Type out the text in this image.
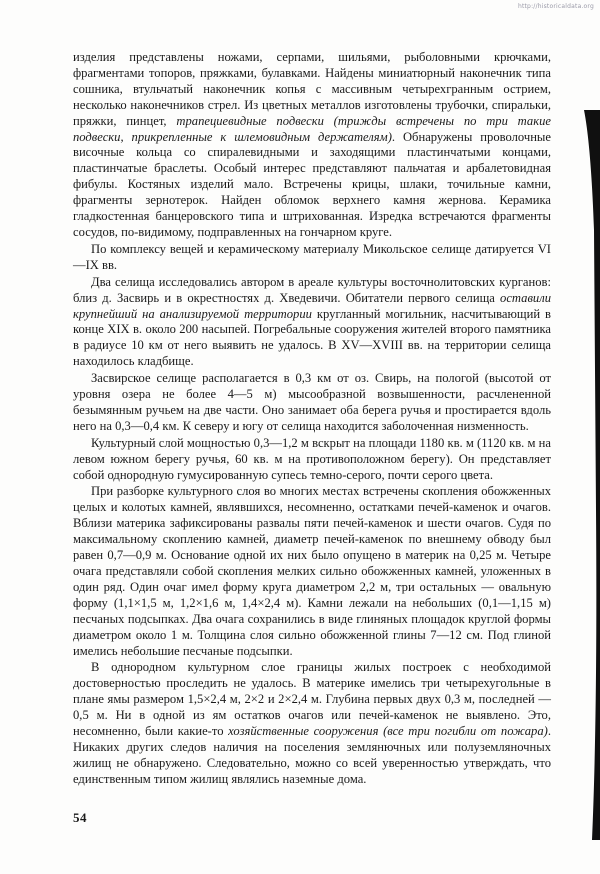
http://historicaldata.org

изделия представлены ножами, серпами, шильями, рыболовными крючками, фрагментами топоров, пряжками, булавками. Найдены миниатюрный наконечник типа сошника, втульчатый наконечник копья с массивным четырехгранным острием, несколько наконечников стрел. Из цветных металлов изготовлены трубочки, спиральки, пряжки, пинцет, трапециевидные подвески (трижды встречены по три такие подвески, прикрепленные к шлемовидным держателям). Обнаружены проволочные височные кольца со спиралевидными и заходящими пластинчатыми концами, пластинчатые браслеты. Особый интерес представляют пальчатая и арбалетовидная фибулы. Костяных изделий мало. Встречены крицы, шлаки, точильные камни, фрагменты зернотерок. Найден обломок верхнего камня жернова. Керамика гладкостенная банцеровского типа и штрихованная. Изредка встречаются фрагменты сосудов, по-видимому, подправленных на гончарном круге.

По комплексу вещей и керамическому материалу Микольское селище датируется VI—IX вв.

Два селища исследовались автором в ареале культуры восточнолитовских курганов: близ д. Засвирь и в окрестностях д. Хведевичи. Обитатели первого селища оставили крупнейший на анализируемой территории кругланный могильник, насчитывающий в конце XIX в. около 200 насыпей. Погребальные сооружения жителей второго памятника в радиусе 10 км от него выявить не удалось. В XV—XVIII вв. на территории селища находилось кладбище.

Засвирское селище располагается в 0,3 км от оз. Свирь, на пологой (высотой от уровня озера не более 4—5 м) мысообразной возвышенности, расчлененной безымянным ручьем на две части. Оно занимает оба берега ручья и простирается вдоль него на 0,3—0,4 км. К северу и югу от селища находится заболоченная низменность.

Культурный слой мощностью 0,3—1,2 м вскрыт на площади 1180 кв. м (1120 кв. м на левом южном берегу ручья, 60 кв. м на противоположном берегу). Он представляет собой однородную гумусированную супесь темно-серого, почти серого цвета.

При разборке культурного слоя во многих местах встречены скопления обожженных целых и колотых камней, являвшихся, несомненно, остатками печей-каменок и очагов. Вблизи материка зафиксированы развалы пяти печей-каменок и шести очагов. Судя по максимальному скоплению камней, диаметр печей-каменок по внешнему обводу был равен 0,7—0,9 м. Основание одной их них было опущено в материк на 0,25 м. Четыре очага представляли собой скопления мелких сильно обожженных камней, уложенных в один ряд. Один очаг имел форму круга диаметром 2,2 м, три остальных — овальную форму (1,1×1,5 м, 1,2×1,6 м, 1,4×2,4 м). Камни лежали на небольших (0,1—1,15 м) песчаных подсыпках. Два очага сохранились в виде глиняных площадок круглой формы диаметром около 1 м. Толщина слоя сильно обожженной глины 7—12 см. Под глиной имелись небольшие песчаные подсыпки.

В однородном культурном слое границы жилых построек с необходимой достоверностью проследить не удалось. В материке имелись три четырехугольные в плане ямы размером 1,5×2,4 м, 2×2 и 2×2,4 м. Глубина первых двух 0,3 м, последней — 0,5 м. Ни в одной из ям остатков очагов или печей-каменок не выявлено. Это, несомненно, были какие-то хозяйственные сооружения (все три погибли от пожара). Никаких других следов наличия на поселения землянючных или полуземляночных жилищ не обнаружено. Следовательно, можно со всей уверенностью утверждать, что единственным типом жилищ являлись наземные дома.

54
